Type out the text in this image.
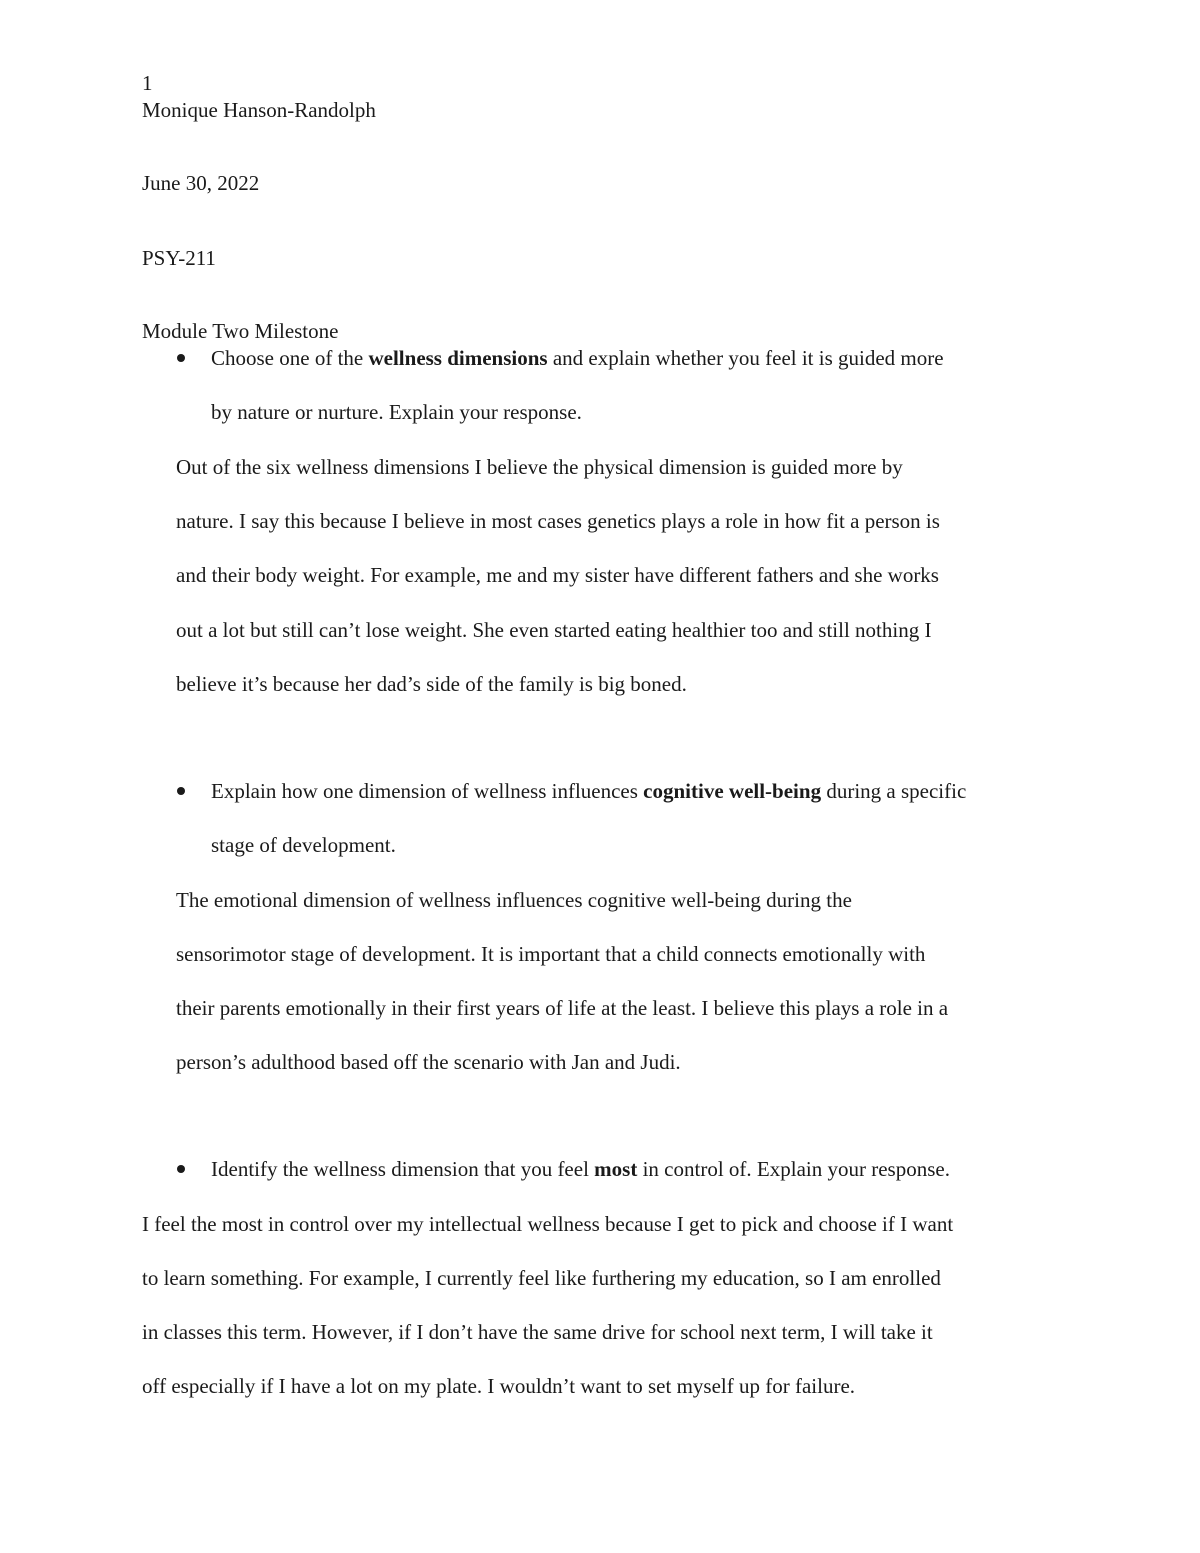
1
Monique Hanson-Randolph
June 30, 2022
PSY-211
Module Two Milestone
Choose one of the wellness dimensions and explain whether you feel it is guided more
by nature or nurture. Explain your response.
Out of the six wellness dimensions I believe the physical dimension is guided more by
nature. I say this because I believe in most cases genetics plays a role in how fit a person is
and their body weight. For example, me and my sister have different fathers and she works
out a lot but still can’t lose weight. She even started eating healthier too and still nothing I
believe it’s because her dad’s side of the family is big boned.
Explain how one dimension of wellness influences cognitive well-being during a specific
stage of development.
The emotional dimension of wellness influences cognitive well-being during the
sensorimotor stage of development. It is important that a child connects emotionally with
their parents emotionally in their first years of life at the least. I believe this plays a role in a
person’s adulthood based off the scenario with Jan and Judi.
Identify the wellness dimension that you feel most in control of. Explain your response.
I feel the most in control over my intellectual wellness because I get to pick and choose if I want
to learn something. For example, I currently feel like furthering my education, so I am enrolled
in classes this term. However, if I don’t have the same drive for school next term, I will take it
off especially if I have a lot on my plate. I wouldn’t want to set myself up for failure.
